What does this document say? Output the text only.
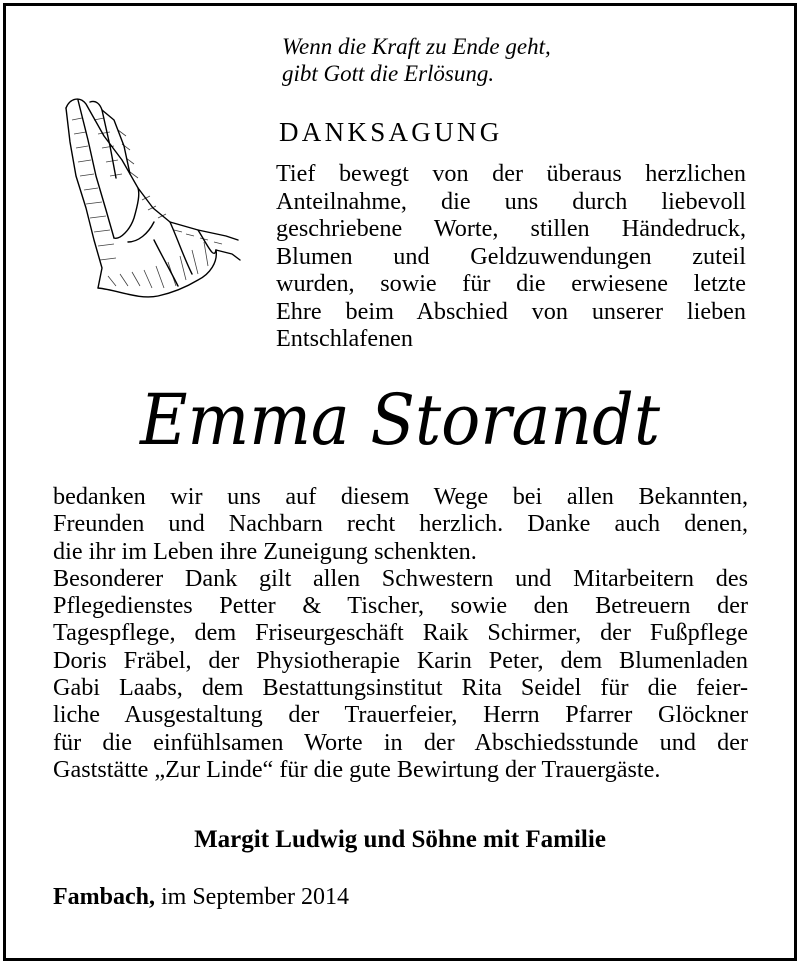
Wenn die Kraft zu Ende geht,
gibt Gott die Erlösung.
DANKSAGUNG
Tief bewegt von der überaus herzlichen
Anteilnahme, die uns durch liebevoll
geschriebene Worte, stillen Händedruck,
Blumen und Geldzuwendungen zuteil
wurden, sowie für die erwiesene letzte
Ehre beim Abschied von unserer lieben
Entschlafenen
Emma Storandt
bedanken wir uns auf diesem Wege bei allen Bekannten,
Freunden und Nachbarn recht herzlich. Danke auch denen,
die ihr im Leben ihre Zuneigung schenkten.
Besonderer Dank gilt allen Schwestern und Mitarbeitern des
Pflegedienstes Petter & Tischer, sowie den Betreuern der
Tagespflege, dem Friseurgeschäft Raik Schirmer, der Fußpflege
Doris Fräbel, der Physiotherapie Karin Peter, dem Blumenladen
Gabi Laabs, dem Bestattungsinstitut Rita Seidel für die feier-
liche Ausgestaltung der Trauerfeier, Herrn Pfarrer Glöckner
für die einfühlsamen Worte in der Abschiedsstunde und der
Gaststätte „Zur Linde“ für die gute Bewirtung der Trauergäste.
Margit Ludwig und Söhne mit Familie
Fambach, im September 2014
